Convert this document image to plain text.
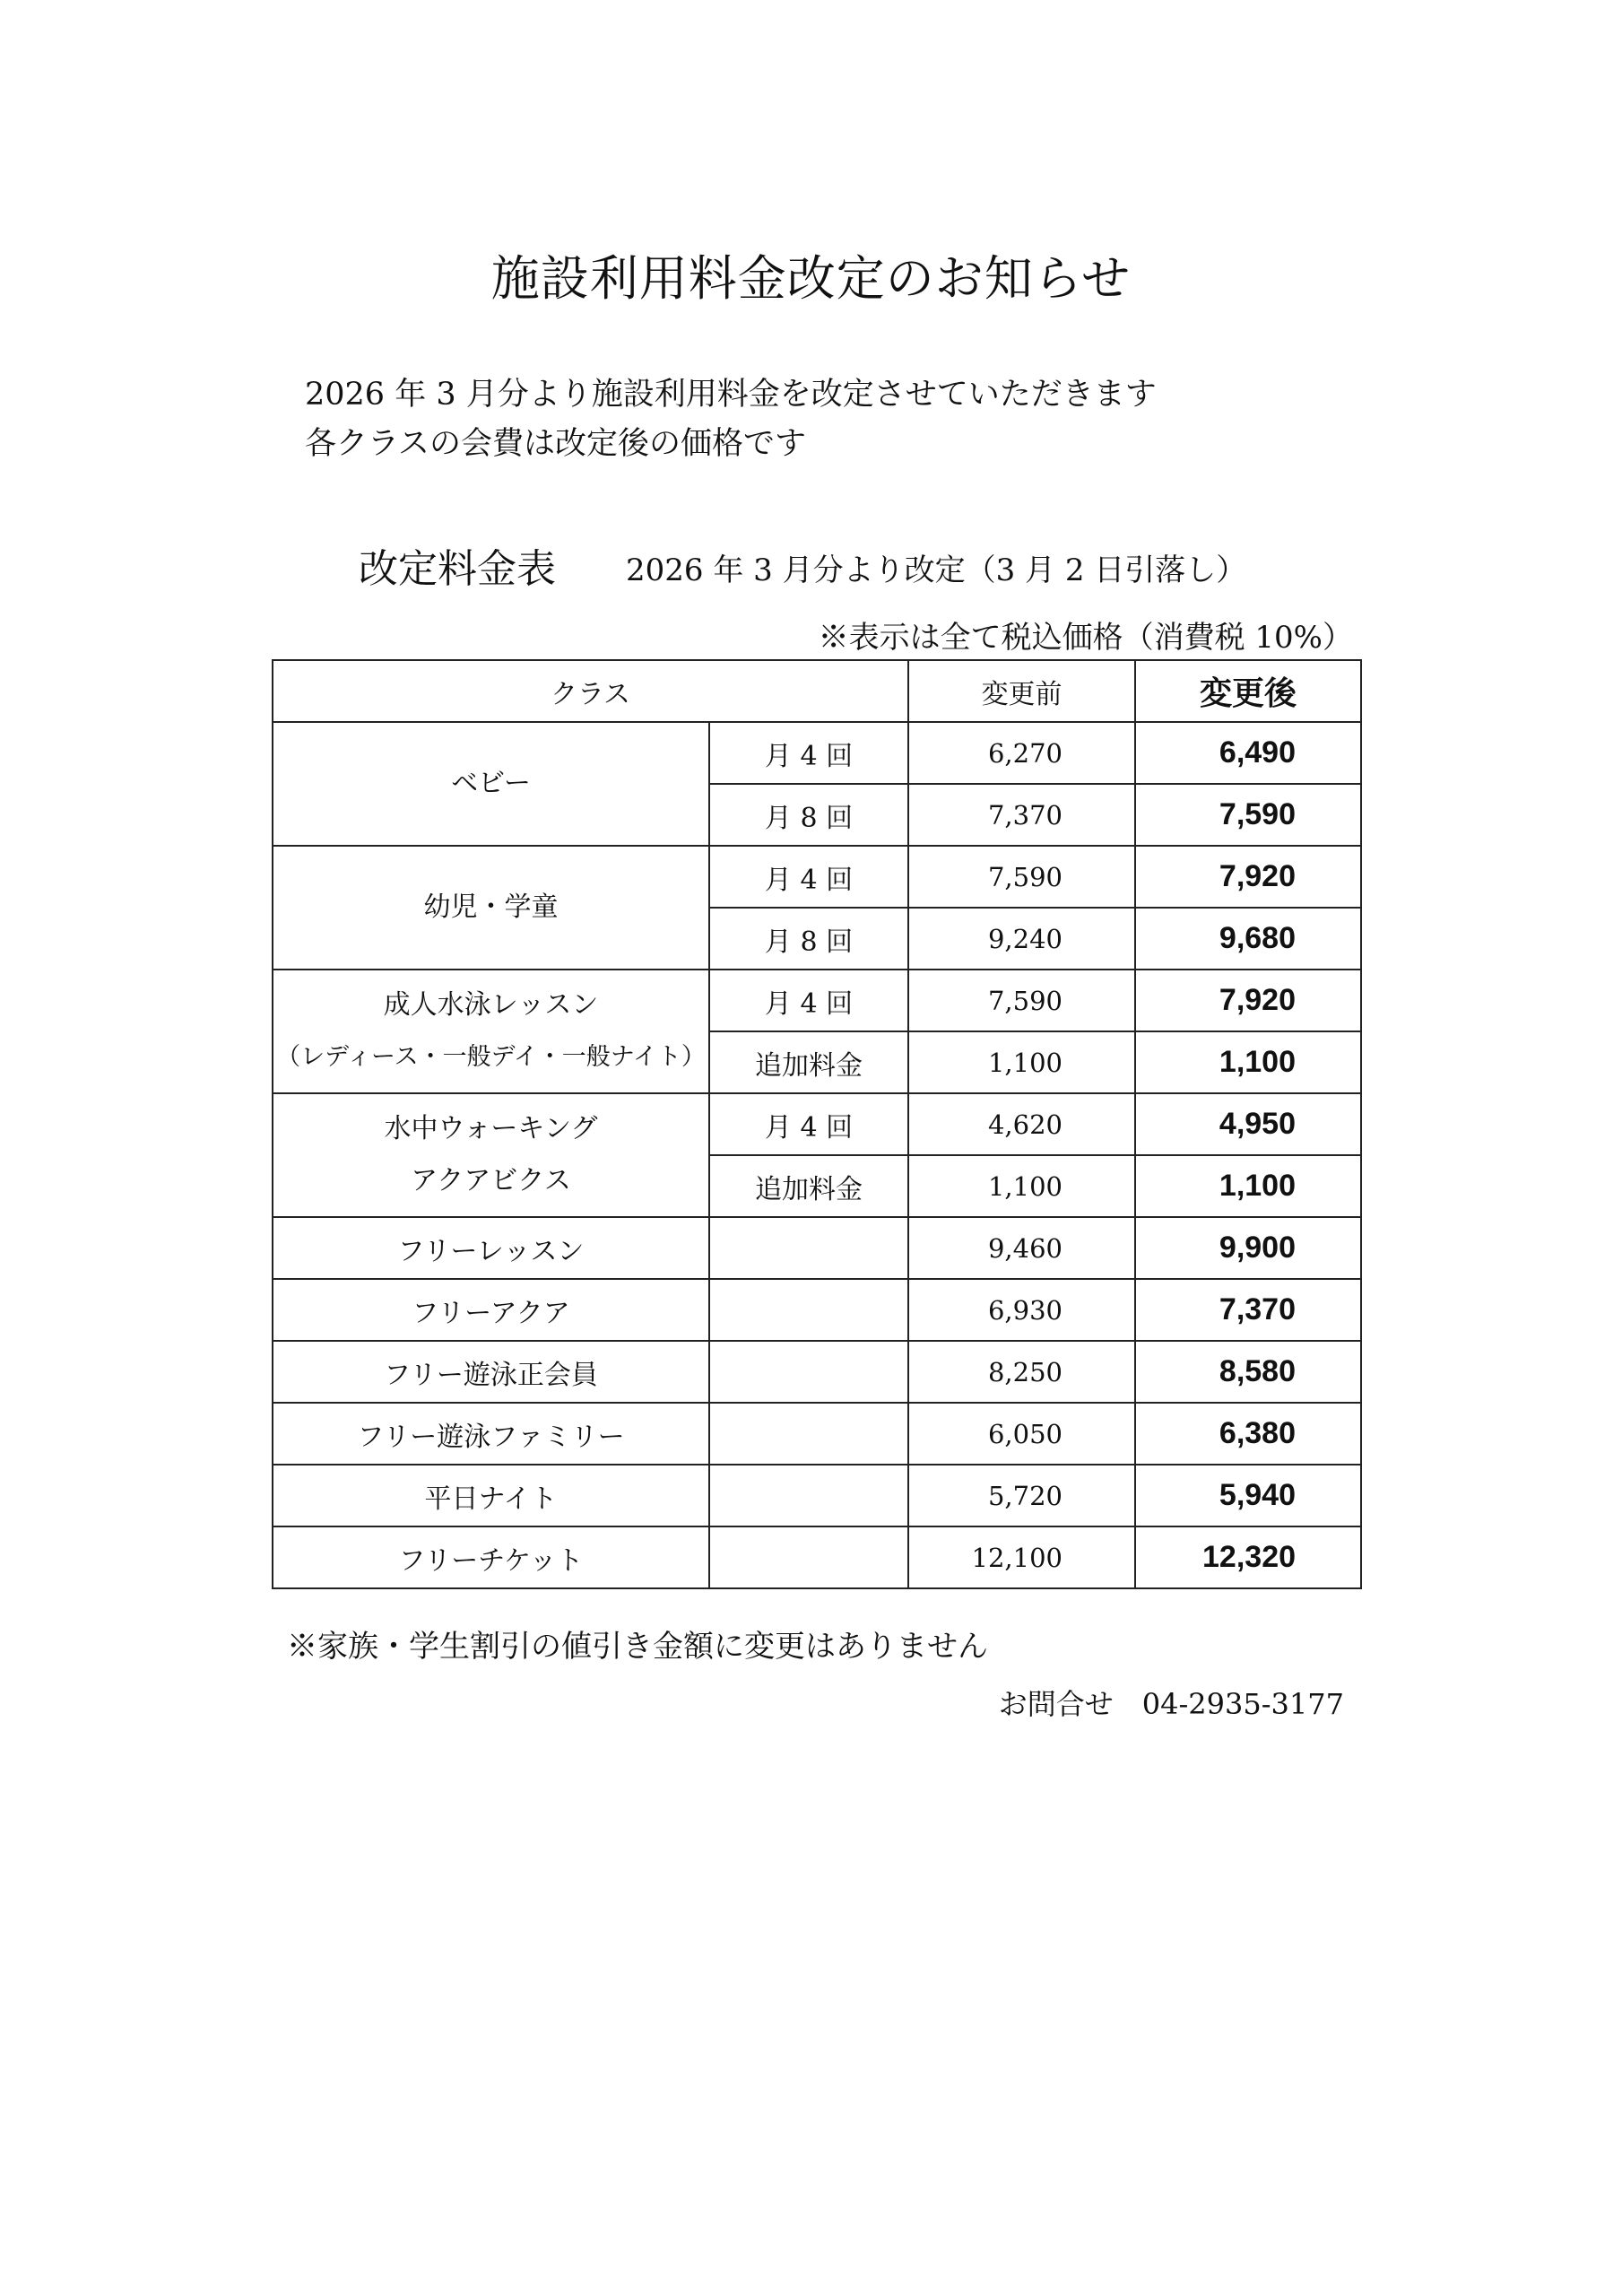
施設利用料金改定のお知らせ
2026 年 3 月分より施設利用料金を改定させていただきます
各クラスの会費は改定後の価格です
改定料金表 2026 年 3 月分より改定（3 月 2 日引落し）
※表示は全て税込価格（消費税 10%）
クラス		変更前	変更後

ベビー	月 4 回	6,270	6,490
	月 8 回	7,370	7,590

幼児・学童	月 4 回	7,590	7,920
	月 8 回	9,240	9,680

成人水泳レッスン
（レディース・一般デイ・一般ナイト）	月 4 回	7,590	7,920
	追加料金	1,100	1,100

水中ウォーキング
アクアビクス	月 4 回	4,620	4,950
	追加料金	1,100	1,100
フリーレッスン		9,460	9,900
フリーアクア		6,930	7,370
フリー遊泳正会員		8,250	8,580
フリー遊泳ファミリー		6,050	6,380
平日ナイト		5,720	5,940
フリーチケット		12,100	12,320
※家族・学生割引の値引き金額に変更はありません
お問合せ　04-2935-3177
